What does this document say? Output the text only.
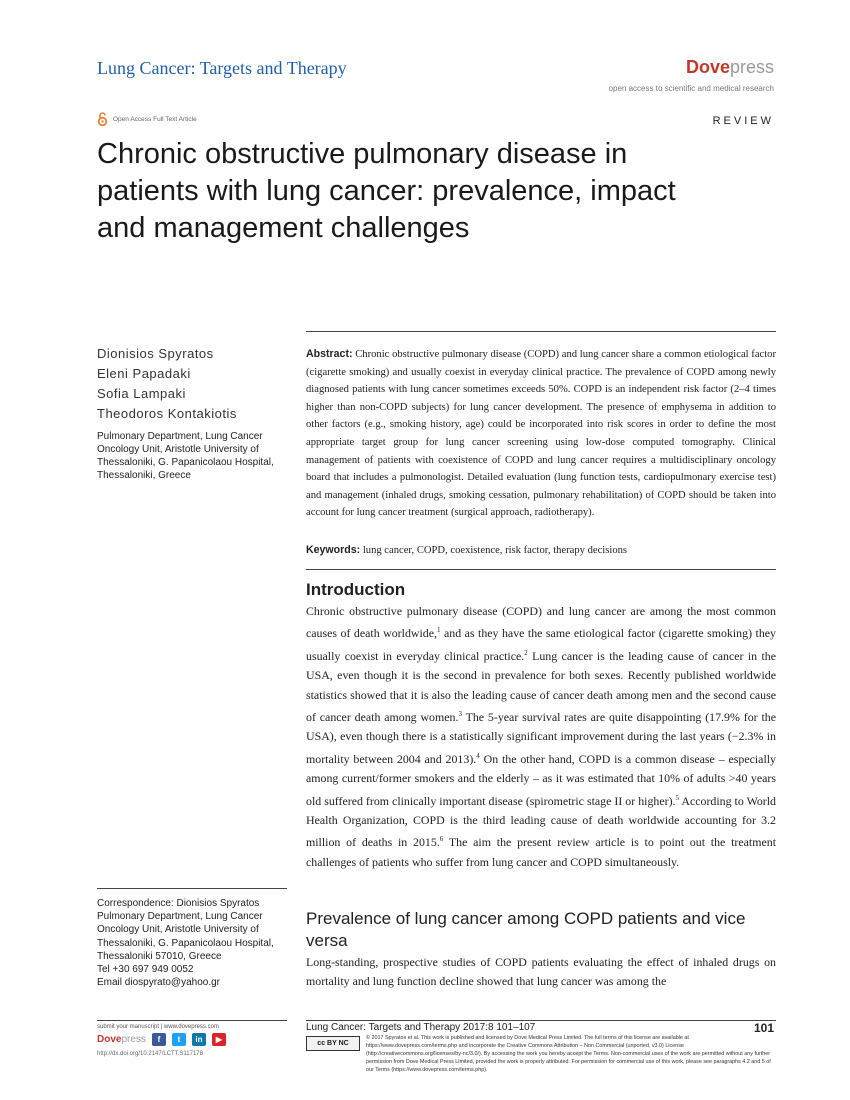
Lung Cancer: Targets and Therapy	Dovepress
open access to scientific and medical research
Open Access Full Text Article	REVIEW
Chronic obstructive pulmonary disease in
patients with lung cancer: prevalence, impact
and management challenges
Dionisios Spyratos
Eleni Papadaki
Sofia Lampaki
Theodoros Kontakiotis
Pulmonary Department, Lung Cancer Oncology Unit, Aristotle University of Thessaloniki, G. Papanicolaou Hospital, Thessaloniki, Greece
Abstract: Chronic obstructive pulmonary disease (COPD) and lung cancer share a common etiological factor (cigarette smoking) and usually coexist in everyday clinical practice. The prevalence of COPD among newly diagnosed patients with lung cancer sometimes exceeds 50%. COPD is an independent risk factor (2–4 times higher than non-COPD subjects) for lung cancer development. The presence of emphysema in addition to other factors (e.g., smoking history, age) could be incorporated into risk scores in order to define the most appropriate target group for lung cancer screening using low-dose computed tomography. Clinical management of patients with coexistence of COPD and lung cancer requires a multidisciplinary oncology board that includes a pulmonologist. Detailed evaluation (lung function tests, cardiopulmonary exercise test) and management (inhaled drugs, smoking cessation, pulmonary rehabilitation) of COPD should be taken into account for lung cancer treatment (surgical approach, radiotherapy).
Keywords: lung cancer, COPD, coexistence, risk factor, therapy decisions
Introduction
Chronic obstructive pulmonary disease (COPD) and lung cancer are among the most common causes of death worldwide,$^1$ and as they have the same etiological factor (cigarette smoking) they usually coexist in everyday clinical practice.$^2$ Lung cancer is the leading cause of cancer in the USA, even though it is the second in prevalence for both sexes. Recently published worldwide statistics showed that it is also the leading cause of cancer death among men and the second cause of cancer death among women.$^3$ The 5-year survival rates are quite disappointing (17.9% for the USA), even though there is a statistically significant improvement during the last years (−2.3% in mortality between 2004 and 2013).$^4$ On the other hand, COPD is a common disease – especially among current/former smokers and the elderly – as it was estimated that 10% of adults >40 years old suffered from clinically important disease (spirometric stage II or higher).$^5$ According to World Health Organization, COPD is the third leading cause of death worldwide accounting for 3.2 million of deaths in 2015.$^6$ The aim the present review article is to point out the treatment challenges of patients who suffer from lung cancer and COPD simultaneously.
Prevalence of lung cancer among COPD patients and vice versa
Long-standing, prospective studies of COPD patients evaluating the effect of inhaled drugs on mortality and lung function decline showed that lung cancer was among the
Correspondence: Dionisios Spyratos
Pulmonary Department, Lung Cancer
Oncology Unit, Aristotle University of
Thessaloniki, G. Papanicolaou Hospital,
Thessaloniki 57010, Greece
Tel +30 697 949 0052
Email diospyrato@yahoo.gr
submit your manuscript | www.dovepress.com
Dovepress	f	t	in	▶
http://dx.doi.org/10.2147/LCTT.S117178
Lung Cancer: Targets and Therapy 2017:8 101–107	101
cc BY NC
© 2017 Spyratos et al. This work is published and licensed by Dove Medical Press Limited. The full terms of this license are available at https://www.dovepress.com/terms.php and incorporate the Creative Commons Attribution – Non Commercial (unported, v3.0) License (http://creativecommons.org/licenses/by-nc/3.0/). By accessing the work you hereby accept the Terms. Non-commercial uses of the work are permitted without any further permission from Dove Medical Press Limited, provided the work is properly attributed. For permission for commercial use of this work, please see paragraphs 4.2 and 5 of our Terms (https://www.dovepress.com/terms.php).
